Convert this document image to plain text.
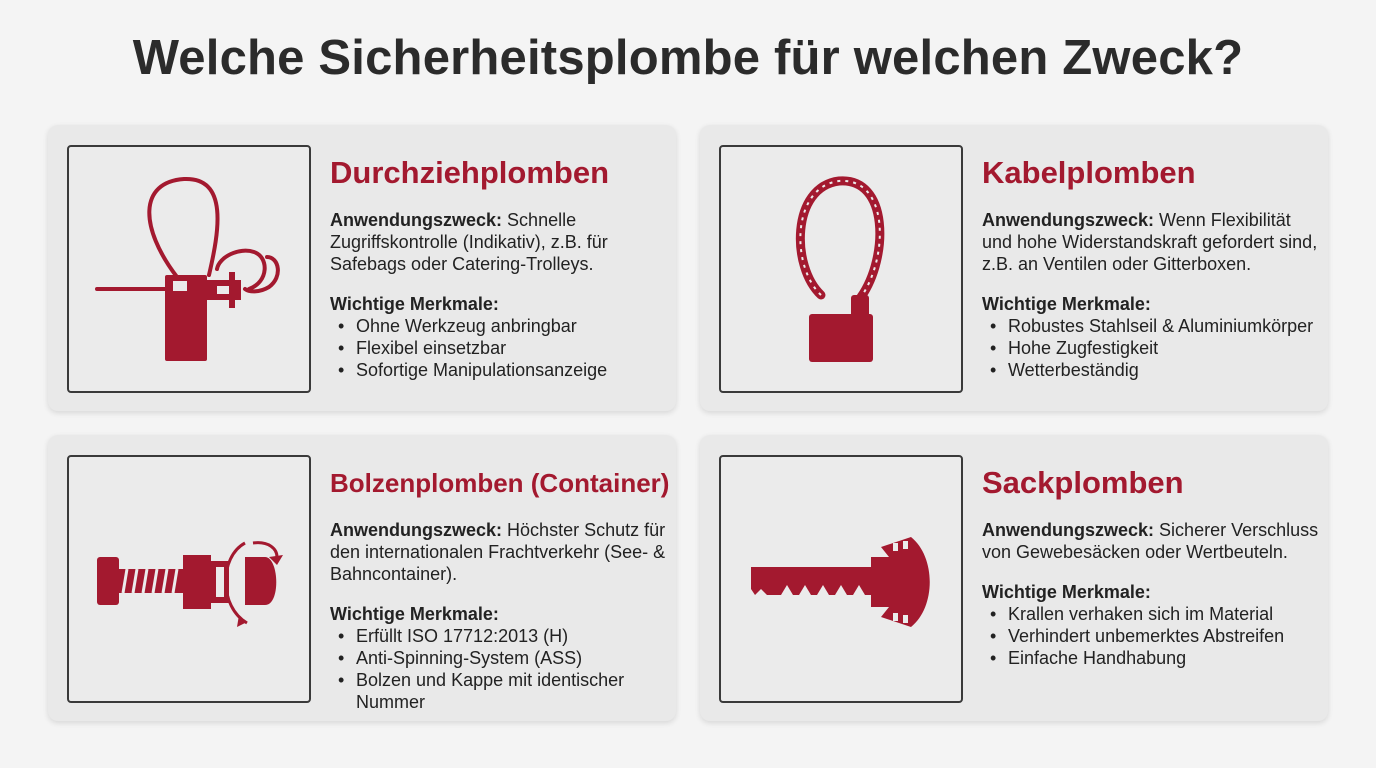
Welche Sicherheitsplombe für welchen Zweck?
Durchziehplomben

Anwendungszweck: Schnelle Zugriffskontrolle (Indikativ), z.B. für Safebags oder Catering-Trolleys.

Wichtige Merkmale:

• Ohne Werkzeug anbringbar
• Flexibel einsetzbar
• Sofortige Manipulationsanzeige
Kabelplomben

Anwendungszweck: Wenn Flexibilität und hohe Widerstandskraft gefordert sind, z.B. an Ventilen oder Gitterboxen.

Wichtige Merkmale:

• Robustes Stahlseil & Aluminiumkörper
• Hohe Zugfestigkeit
• Wetterbeständig
Bolzenplomben (Container)

Anwendungszweck: Höchster Schutz für den internationalen Frachtverkehr (See- & Bahncontainer).

Wichtige Merkmale:

• Erfüllt ISO 17712:2013 (H)
• Anti-Spinning-System (ASS)
• Bolzen und Kappe mit identischer Nummer
Sackplomben

Anwendungszweck: Sicherer Verschluss von Gewebesäcken oder Wertbeuteln.

Wichtige Merkmale:

• Krallen verhaken sich im Material
• Verhindert unbemerktes Abstreifen
• Einfache Handhabung
